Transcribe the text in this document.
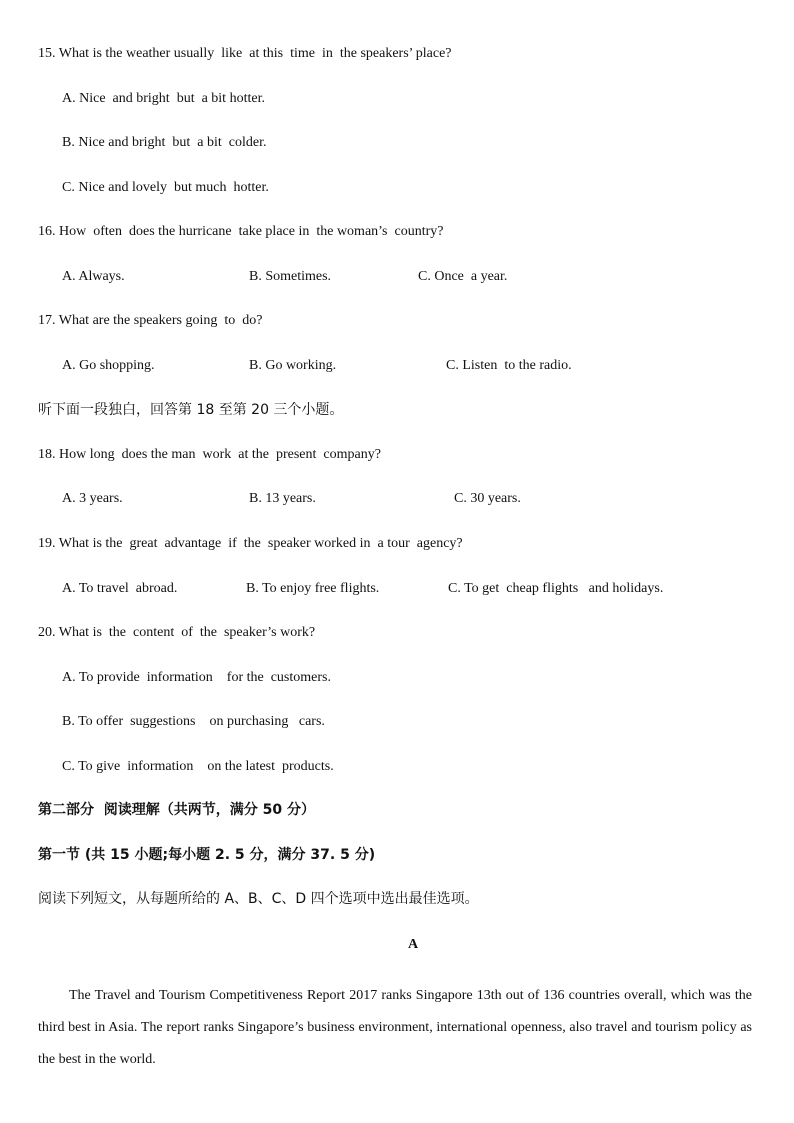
15. What is the weather usually  like  at this  time  in  the speakers’ place?
A. Nice  and bright  but  a bit hotter.
B. Nice and bright  but  a bit  colder.
C. Nice and lovely  but much  hotter.
16. How  often  does the hurricane  take place in  the woman’s  country?
A. Always.	B. Sometimes.	C. Once  a year.
17. What are the speakers going  to  do?
A. Go shopping.	B. Go working.	C. Listen  to the radio.
听下面一段独白，回答第 18 至第 20 三个小题。
18. How long  does the man  work  at the  present  company?
A. 3 years.	B. 13 years.	C. 30 years.
19. What is the  great  advantage  if  the  speaker worked in  a tour  agency?
A. To travel  abroad.	B. To enjoy free flights.	C. To get  cheap flights   and holidays.
20. What is  the  content  of  the  speaker’s work?
A. To provide  information    for the  customers.
B. To offer  suggestions    on purchasing   cars.
C. To give  information    on the latest  products.
第二部分  阅读理解（共两节，满分 50 分）
第一节 (共 15 小题;每小题 2. 5 分，满分 37. 5 分)
阅读下列短文，从每题所给的 A、B、C、D 四个选项中选出最佳选项。
A
The Travel and Tourism Competitiveness Report 2017 ranks Singapore 13th out of 136 countries overall, which was the third best in Asia. The report ranks Singapore’s business environment, international openness, also travel and tourism policy as the best in the world.
